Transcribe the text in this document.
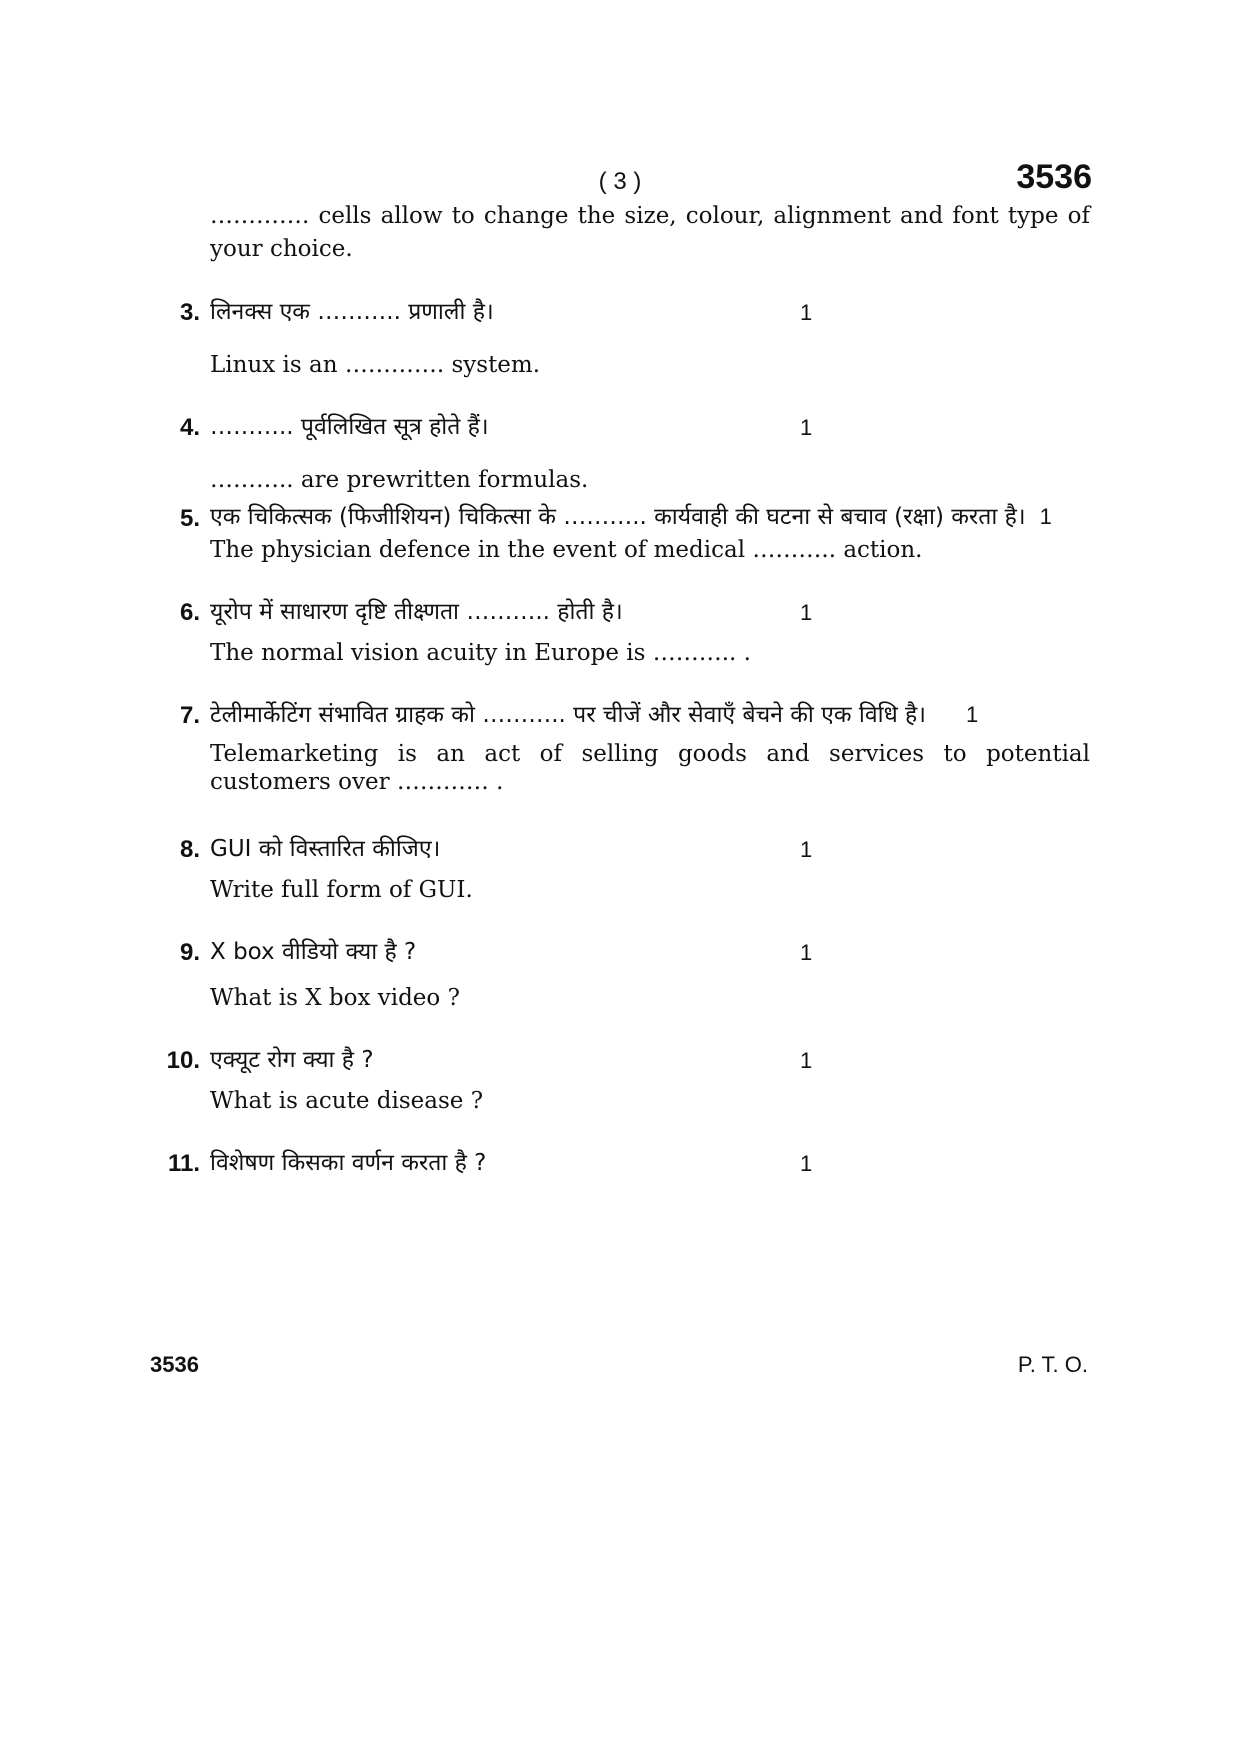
( 3 )	3536
…………. cells allow to change the size, colour, alignment and font type of your choice.
3. लिनक्स एक ……….. प्रणाली है।	1
Linux is an …………. system.
4. ……….. पूर्वलिखित सूत्र होते हैं।	1
……….. are prewritten formulas.
5. एक चिकित्सक (फिजीशियन) चिकित्सा के ……….. कार्यवाही की घटना से बचाव (रक्षा) करता है। 1
The physician defence in the event of medical ……….. action.
6. यूरोप में साधारण दृष्टि तीक्ष्णता ……….. होती है।	1
The normal vision acuity in Europe is ……….. .
7. टेलीमार्केटिंग संभावित ग्राहक को ……….. पर चीजें और सेवाएँ बेचने की एक विधि है। 1
Telemarketing is an act of selling goods and services to potential customers over ………… .
8. GUI को विस्तारित कीजिए।	1
Write full form of GUI.
9. X box वीडियो क्या है ?	1
What is X box video ?
10. एक्यूट रोग क्या है ?	1
What is acute disease ?
11. विशेषण किसका वर्णन करता है ?	1
3536	P. T. O.
